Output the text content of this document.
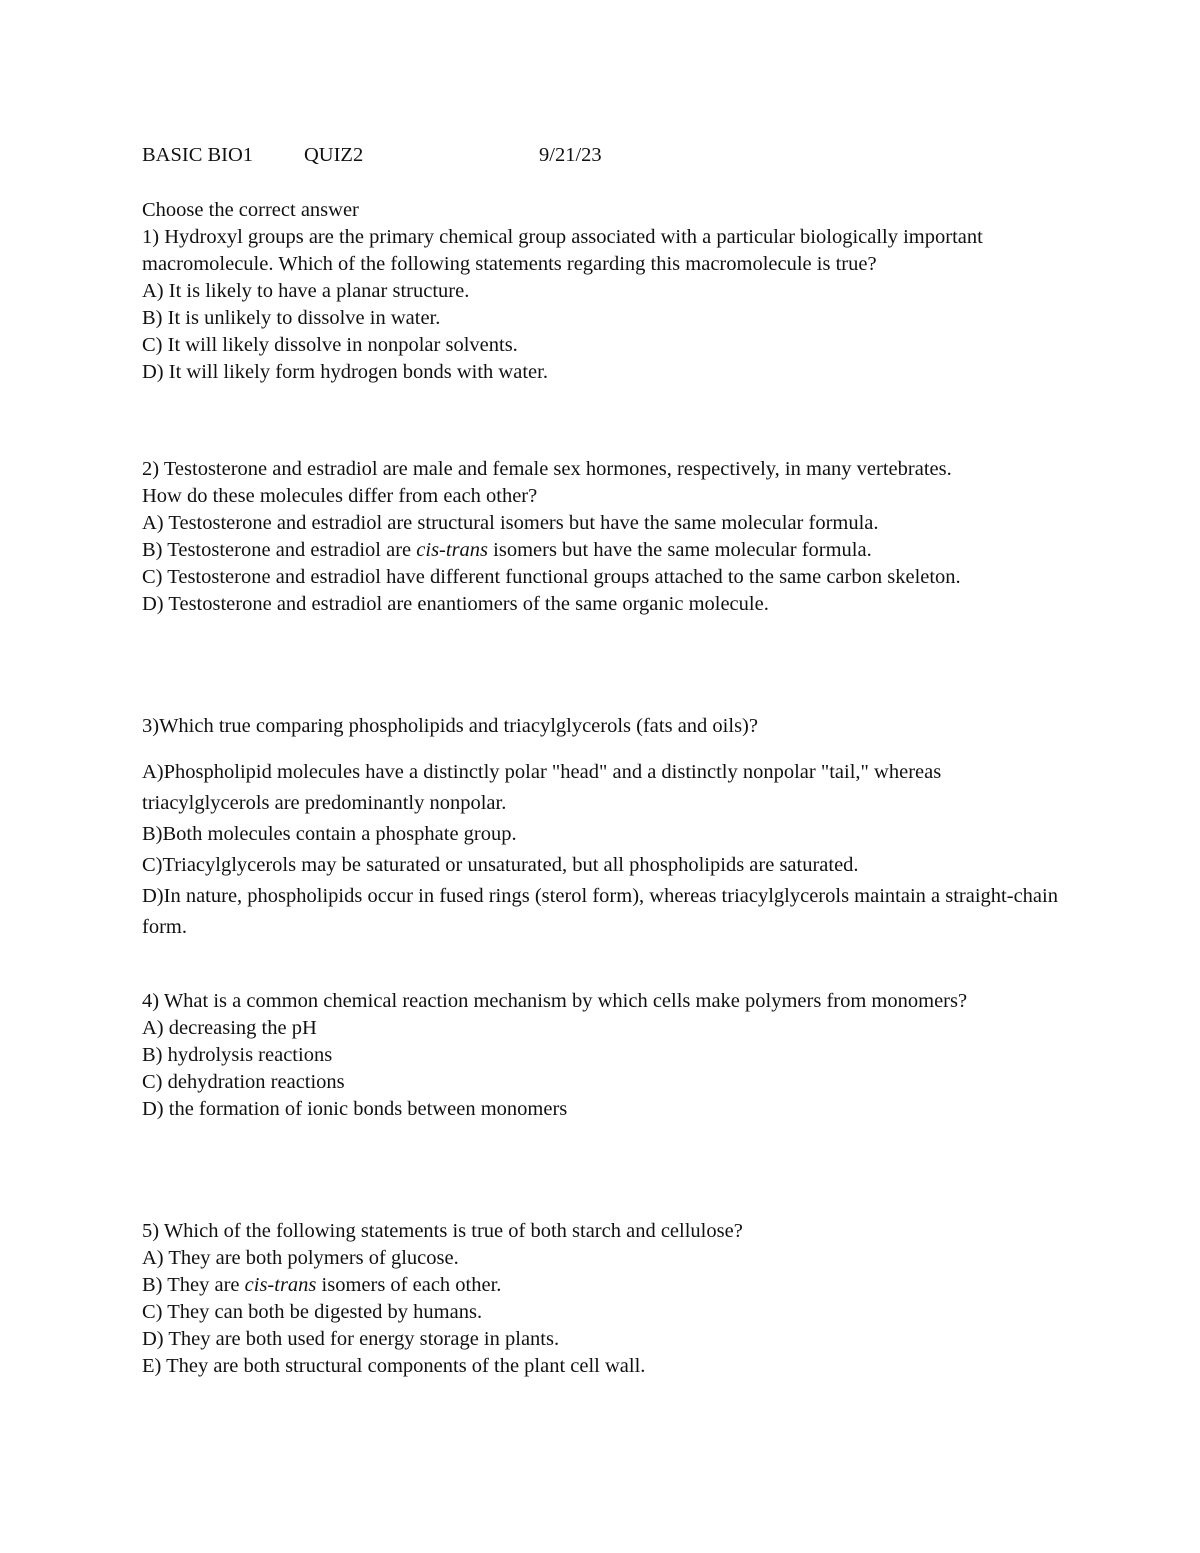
BASIC BIO1 QUIZ2	9/21/23
Choose the correct answer
1) Hydroxyl groups are the primary chemical group associated with a particular biologically important macromolecule. Which of the following statements regarding this macromolecule is true?
A) It is likely to have a planar structure.
B) It is unlikely to dissolve in water.
C) It will likely dissolve in nonpolar solvents.
D) It will likely form hydrogen bonds with water.
2) Testosterone and estradiol are male and female sex hormones, respectively, in many vertebrates. How do these molecules differ from each other?
A) Testosterone and estradiol are structural isomers but have the same molecular formula.
B) Testosterone and estradiol are cis-trans isomers but have the same molecular formula.
C) Testosterone and estradiol have different functional groups attached to the same carbon skeleton.
D) Testosterone and estradiol are enantiomers of the same organic molecule.
3)Which true comparing phospholipids and triacylglycerols (fats and oils)?
A)Phospholipid molecules have a distinctly polar "head" and a distinctly nonpolar "tail," whereas triacylglycerols are predominantly nonpolar.
B)Both molecules contain a phosphate group.
C)Triacylglycerols may be saturated or unsaturated, but all phospholipids are saturated.
D)In nature, phospholipids occur in fused rings (sterol form), whereas triacylglycerols maintain a straight-chain form.
4) What is a common chemical reaction mechanism by which cells make polymers from monomers?
A) decreasing the pH
B) hydrolysis reactions
C) dehydration reactions
D) the formation of ionic bonds between monomers
5) Which of the following statements is true of both starch and cellulose?
A) They are both polymers of glucose.
B) They are cis-trans isomers of each other.
C) They can both be digested by humans.
D) They are both used for energy storage in plants.
E) They are both structural components of the plant cell wall.
